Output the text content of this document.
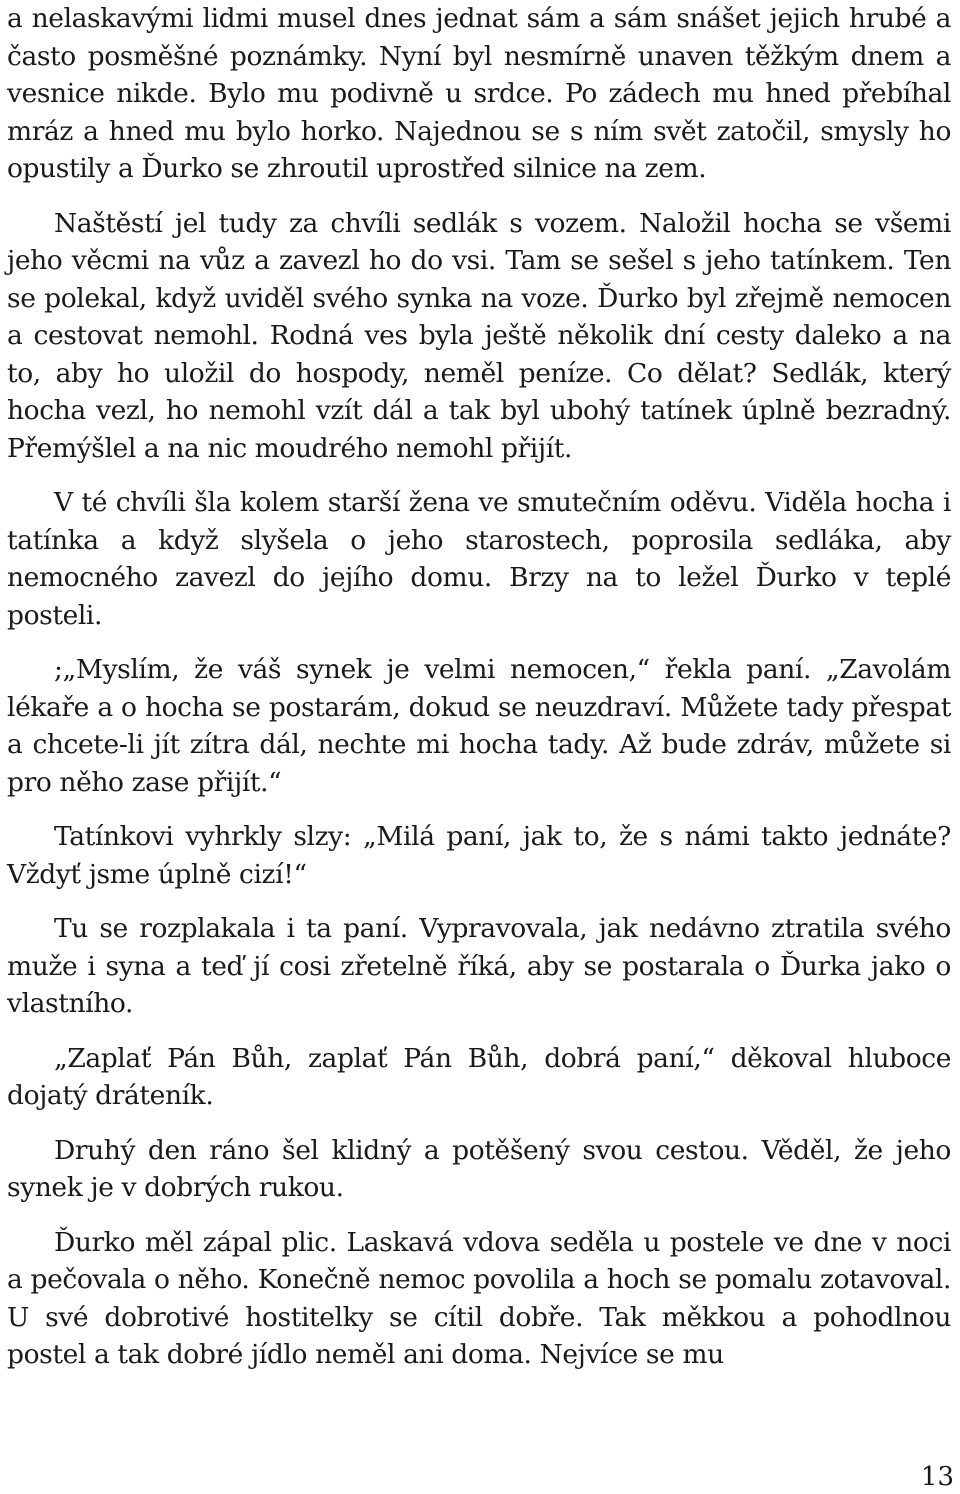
a nelaskavými lidmi musel dnes jednat sám a sám snášet jejich hrubé a často posměšné poznámky. Nyní byl nesmírně unaven těžkým dnem a vesnice nikde. Bylo mu podivně u srdce. Po zádech mu hned přebíhal mráz a hned mu bylo horko. Najednou se s ním svět zatočil, smysly ho opustily a Ďurko se zhroutil uprostřed silnice na zem.

Naštěstí jel tudy za chvíli sedlák s vozem. Naložil hocha se všemi jeho věcmi na vůz a zavezl ho do vsi. Tam se sešel s jeho tatínkem. Ten se polekal, když uviděl svého synka na voze. Ďurko byl zřejmě nemocen a cestovat nemohl. Rodná ves byla ještě několik dní cesty daleko a na to, aby ho uložil do hospody, neměl peníze. Co dělat? Sedlák, který hocha vezl, ho nemohl vzít dál a tak byl ubohý tatínek úplně bezradný. Přemýšlel a na nic moudrého nemohl přijít.

V té chvíli šla kolem starší žena ve smutečním oděvu. Viděla hocha i tatínka a když slyšela o jeho starostech, poprosila sedláka, aby nemocného zavezl do jejího domu. Brzy na to ležel Ďurko v teplé posteli.

;„Myslím, že váš synek je velmi nemocen,“ řekla paní. „Zavolám lékaře a o hocha se postarám, dokud se neuzdraví. Můžete tady přespat a chcete-li jít zítra dál, nechte mi hocha tady. Až bude zdráv, můžete si pro něho zase přijít.“

Tatínkovi vyhrkly slzy: „Milá paní, jak to, že s námi takto jednáte? Vždyť jsme úplně cizí!“

Tu se rozplakala i ta paní. Vypravovala, jak nedávno ztratila svého muže i syna a teď jí cosi zřetelně říká, aby se postarala o Ďurka jako o vlastního.

„Zaplať Pán Bůh, zaplať Pán Bůh, dobrá paní,“ děkoval hluboce dojatý dráteník.

Druhý den ráno šel klidný a potěšený svou cestou. Věděl, že jeho synek je v dobrých rukou.

Ďurko měl zápal plic. Laskavá vdova seděla u postele ve dne v noci a pečovala o něho. Konečně nemoc povolila a hoch se pomalu zotavoval. U své dobrotivé hostitelky se cítil dobře. Tak měkkou a pohodlnou postel a tak dobré jídlo neměl ani doma. Nejvíce se mu

13
